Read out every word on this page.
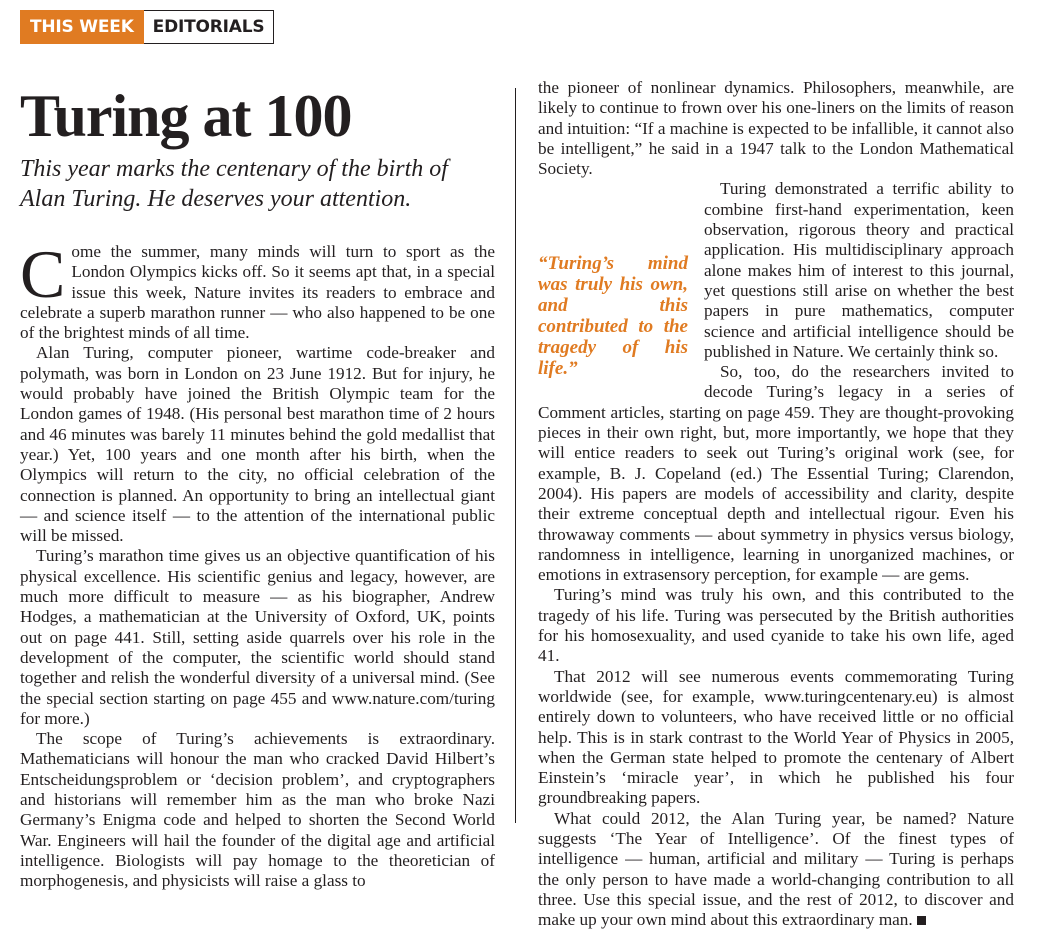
THIS WEEK	EDITORIALS
Turing at 100

This year marks the centenary of the birth of Alan Turing. He deserves your attention.

Come the summer, many minds will turn to sport as the London Olympics kicks off. So it seems apt that, in a special issue this week, Nature invites its readers to embrace and celebrate a superb marathon runner — who also happened to be one of the brightest minds of all time.

Alan Turing, computer pioneer, wartime code-breaker and polymath, was born in London on 23 June 1912. But for injury, he would probably have joined the British Olympic team for the London games of 1948. (His personal best marathon time of 2 hours and 46 minutes was barely 11 minutes behind the gold medallist that year.) Yet, 100 years and one month after his birth, when the Olympics will return to the city, no official celebration of the connection is planned. An opportunity to bring an intellectual giant — and science itself — to the attention of the international public will be missed.

Turing’s marathon time gives us an objective quantification of his physical excellence. His scientific genius and legacy, however, are much more difficult to measure — as his biographer, Andrew Hodges, a mathematician at the University of Oxford, UK, points out on page 441. Still, setting aside quarrels over his role in the development of the computer, the scientific world should stand together and relish the wonderful diversity of a universal mind. (See the special section starting on page 455 and www.nature.com/turing for more.)

The scope of Turing’s achievements is extraordinary. Mathematicians will honour the man who cracked David Hilbert’s Entscheidungsproblem or ‘decision problem’, and cryptographers and historians will remember him as the man who broke Nazi Germany’s Enigma code and helped to shorten the Second World War. Engineers will hail the founder of the digital age and artificial intelligence. Biologists will pay homage to the theoretician of morphogenesis, and physicists will raise a glass to

the pioneer of nonlinear dynamics. Philosophers, meanwhile, are likely to continue to frown over his one-liners on the limits of reason and intuition: “If a machine is expected to be infallible, it cannot also be intelligent,” he said in a 1947 talk to the London Mathematical Society.

“Turing’s mind was truly his own, and this contributed to the tragedy of his life.”

Turing demonstrated a terrific ability to combine first-hand experimentation, keen observation, rigorous theory and practical application. His multidisciplinary approach alone makes him of interest to this journal, yet questions still arise on whether the best papers in pure mathematics, computer science and artificial intelligence should be published in Nature. We certainly think so.

So, too, do the researchers invited to decode Turing’s legacy in a series of Comment articles, starting on page 459. They are thought-provoking pieces in their own right, but, more importantly, we hope that they will entice readers to seek out Turing’s original work (see, for example, B. J. Copeland (ed.) The Essential Turing; Clarendon, 2004). His papers are models of accessibility and clarity, despite their extreme conceptual depth and intellectual rigour. Even his throwaway comments — about symmetry in physics versus biology, randomness in intelligence, learning in unorganized machines, or emotions in extrasensory perception, for example — are gems.

Turing’s mind was truly his own, and this contributed to the tragedy of his life. Turing was persecuted by the British authorities for his homosexuality, and used cyanide to take his own life, aged 41.

That 2012 will see numerous events commemorating Turing worldwide (see, for example, www.turingcentenary.eu) is almost entirely down to volunteers, who have received little or no official help. This is in stark contrast to the World Year of Physics in 2005, when the German state helped to promote the centenary of Albert Einstein’s ‘miracle year’, in which he published his four groundbreaking papers.

What could 2012, the Alan Turing year, be named? Nature suggests ‘The Year of Intelligence’. Of the finest types of intelligence — human, artificial and military — Turing is perhaps the only person to have made a world-changing contribution to all three. Use this special issue, and the rest of 2012, to discover and make up your own mind about this extraordinary man.
